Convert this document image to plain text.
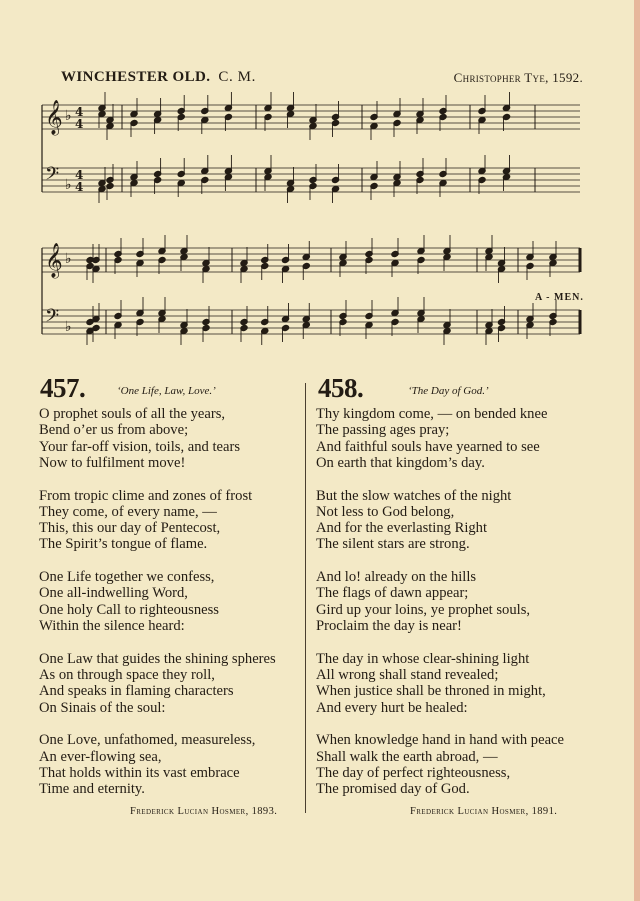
WINCHESTER OLD. C. M.	Christopher Tye, 1592.
𝄞 ♭ 4
4
𝄢 ♭
4
4
𝄞 ♭
𝄢 ♭
A - MEN.
457.	‘One Life, Law, Love.’
O prophet souls of all the years,
Bend o’er us from above;
Your far-off vision, toils, and tears
Now to fulfilment move!
From tropic clime and zones of frost
They come, of every name, —
This, this our day of Pentecost,
The Spirit’s tongue of flame.
One Life together we confess,
One all-indwelling Word,
One holy Call to righteousness
Within the silence heard:
One Law that guides the shining spheres
As on through space they roll,
And speaks in flaming characters
On Sinais of the soul:
One Love, unfathomed, measureless,
An ever-flowing sea,
That holds within its vast embrace
Time and eternity.
Frederick Lucian Hosmer, 1893.
458.	‘The Day of God.’
Thy kingdom come, — on bended knee
The passing ages pray;
And faithful souls have yearned to see
On earth that kingdom’s day.
But the slow watches of the night
Not less to God belong,
And for the everlasting Right
The silent stars are strong.
And lo! already on the hills
The flags of dawn appear;
Gird up your loins, ye prophet souls,
Proclaim the day is near!
The day in whose clear-shining light
All wrong shall stand revealed;
When justice shall be throned in might,
And every hurt be healed:
When knowledge hand in hand with peace
Shall walk the earth abroad, —
The day of perfect righteousness,
The promised day of God.
Frederick Lucian Hosmer, 1891.
